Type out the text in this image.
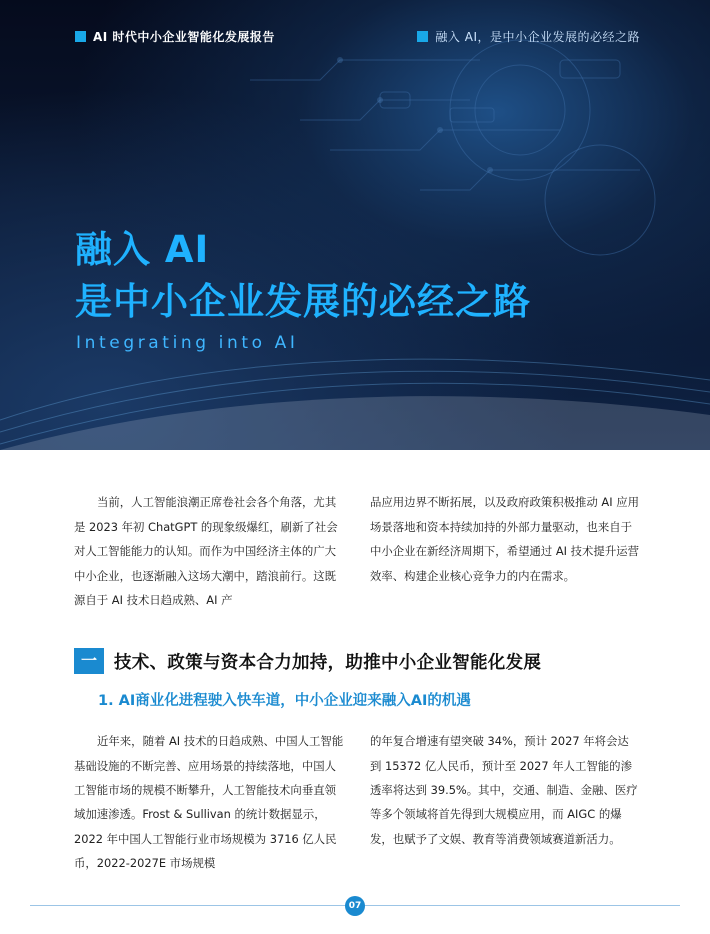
AI 时代中小企业智能化发展报告	融入 AI，是中小企业发展的必经之路
融入 AI
是中小企业发展的必经之路
Integrating into AI

当前，人工智能浪潮正席卷社会各个角落，尤其是 2023 年初 ChatGPT 的现象级爆红，刷新了社会对人工智能能力的认知。而作为中国经济主体的广大中小企业，也逐渐融入这场大潮中，踏浪前行。这既源自于 AI 技术日趋成熟、AI 产

品应用边界不断拓展，以及政府政策积极推动 AI 应用场景落地和资本持续加持的外部力量驱动，也来自于中小企业在新经济周期下，希望通过 AI 技术提升运营效率、构建企业核心竞争力的内在需求。

一 技术、政策与资本合力加持，助推中小企业智能化发展
1. AI商业化进程驶入快车道，中小企业迎来融入AI的机遇

近年来，随着 AI 技术的日趋成熟、中国人工智能基础设施的不断完善、应用场景的持续落地，中国人工智能市场的规模不断攀升，人工智能技术向垂直领域加速渗透。Frost & Sullivan 的统计数据显示，2022 年中国人工智能行业市场规模为 3716 亿人民币，2022-2027E 市场规模

的年复合增速有望突破 34%，预计 2027 年将会达到 15372 亿人民币，预计至 2027 年人工智能的渗透率将达到 39.5%。其中，交通、制造、金融、医疗等多个领域将首先得到大规模应用，而 AIGC 的爆发，也赋予了文娱、教育等消费领域赛道新活力。

07
